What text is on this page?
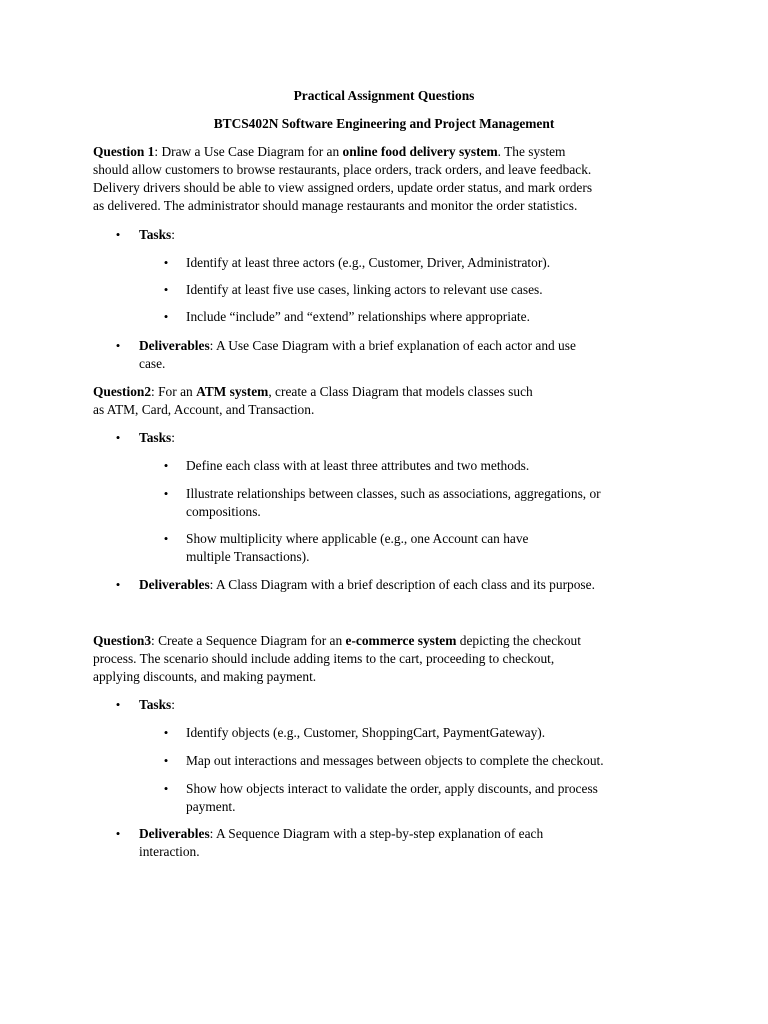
Practical Assignment Questions
BTCS402N Software Engineering and Project Management
Question 1: Draw a Use Case Diagram for an online food delivery system. The system
should allow customers to browse restaurants, place orders, track orders, and leave feedback.
Delivery drivers should be able to view assigned orders, update order status, and mark orders
as delivered. The administrator should manage restaurants and monitor the order statistics.
• Tasks:
• Identify at least three actors (e.g., Customer, Driver, Administrator).
• Identify at least five use cases, linking actors to relevant use cases.
• Include “include” and “extend” relationships where appropriate.
• Deliverables: A Use Case Diagram with a brief explanation of each actor and use
case.
Question2: For an ATM system, create a Class Diagram that models classes such
as ATM, Card, Account, and Transaction.
• Tasks:
• Define each class with at least three attributes and two methods.
• Illustrate relationships between classes, such as associations, aggregations, or
compositions.
• Show multiplicity where applicable (e.g., one Account can have
multiple Transactions).
• Deliverables: A Class Diagram with a brief description of each class and its purpose.
Question3: Create a Sequence Diagram for an e-commerce system depicting the checkout
process. The scenario should include adding items to the cart, proceeding to checkout,
applying discounts, and making payment.
• Tasks:
• Identify objects (e.g., Customer, ShoppingCart, PaymentGateway).
• Map out interactions and messages between objects to complete the checkout.
• Show how objects interact to validate the order, apply discounts, and process
payment.
• Deliverables: A Sequence Diagram with a step-by-step explanation of each
interaction.
